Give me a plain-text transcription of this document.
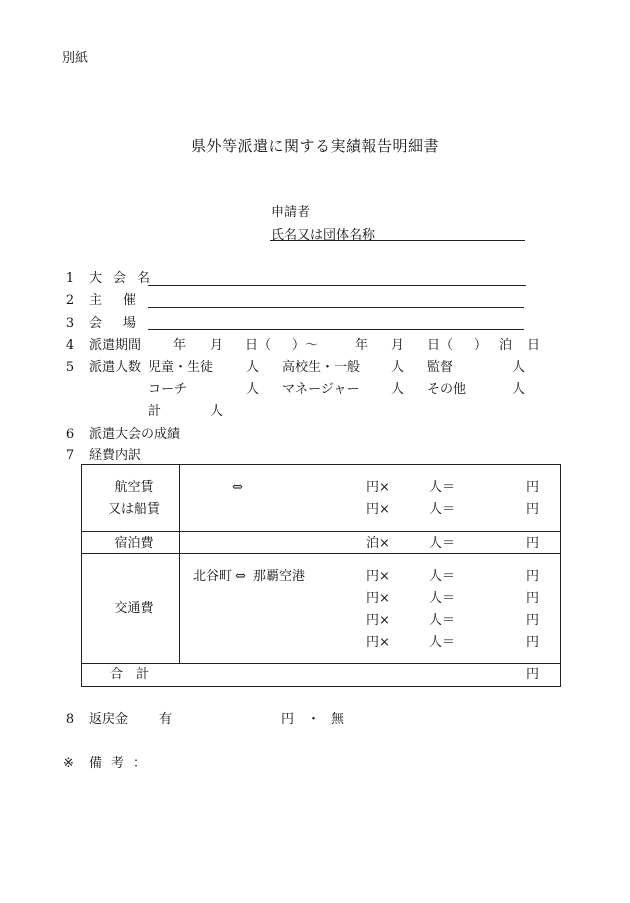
別紙
県外等派遣に関する実績報告明細書
申請者
氏名又は団体名称
1 大会名
2 主催
3 会場
4 派遣期間 年 月 日（ ）～	年 月 日（ ） 泊 日
5 派遣人数 児童・生徒	人 高校生・一般 人 監督	人
コーチ	人 マネージャー 人 その他	人
計	人
6 派遣大会の成績
7 経費内訳
航空賃
又は船賃
⇔	円×	人＝	円
円×	人＝	円
宿泊費	泊×	人＝	円
交通費
北谷町 ⇔ 那覇空港	円×	人＝	円
円×	人＝	円
円×	人＝	円
円×	人＝	円
合　計	円
8 返戻金 有	円 ・ 無
※ 備考：
